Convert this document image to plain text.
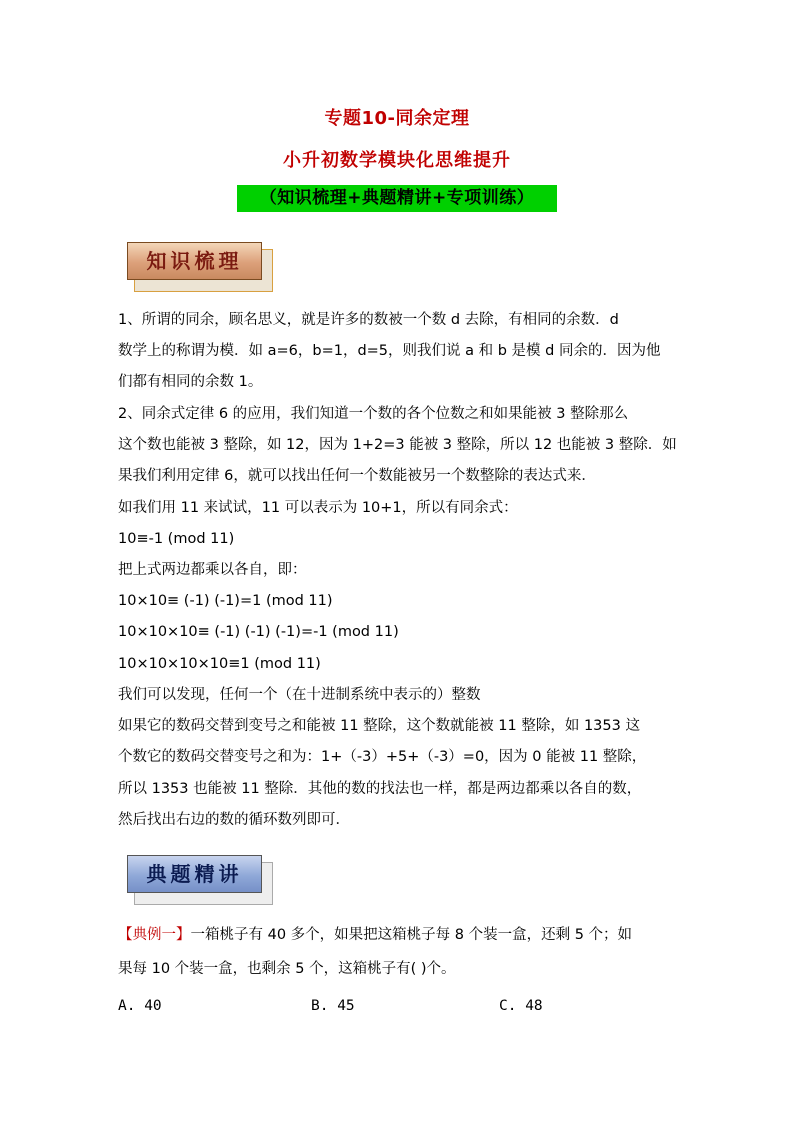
专题10-同余定理
小升初数学模块化思维提升
（知识梳理+典题精讲+专项训练）
知识梳理
1、所谓的同余，顾名思义，就是许多的数被一个数 d 去除，有相同的余数．d
数学上的称谓为模．如 a=6，b=1，d=5，则我们说 a 和 b 是模 d 同余的．因为他
们都有相同的余数 1。
2、同余式定律 6 的应用，我们知道一个数的各个位数之和如果能被 3 整除那么
这个数也能被 3 整除，如 12，因为 1+2=3 能被 3 整除，所以 12 也能被 3 整除．如
果我们利用定律 6，就可以找出任何一个数能被另一个数整除的表达式来．
如我们用 11 来试试，11 可以表示为 10+1，所以有同余式：
10≡-1 (mod 11)
把上式两边都乘以各自，即：
10×10≡ (-1) (-1)=1 (mod 11)
10×10×10≡ (-1) (-1) (-1)=-1 (mod 11)
10×10×10×10≡1 (mod 11)
我们可以发现，任何一个（在十进制系统中表示的）整数
如果它的数码交替到变号之和能被 11 整除，这个数就能被 11 整除，如 1353 这
个数它的数码交替变号之和为：1+（-3）+5+（-3）=0，因为 0 能被 11 整除，
所以 1353 也能被 11 整除．其他的数的找法也一样，都是两边都乘以各自的数，
然后找出右边的数的循环数列即可．
典题精讲
【典例一】一箱桃子有 40 多个，如果把这箱桃子每 8 个装一盒，还剩 5 个；如
果每 10 个装一盒，也剩余 5 个，这箱桃子有( )个。
A. 40	B. 45	C. 48
